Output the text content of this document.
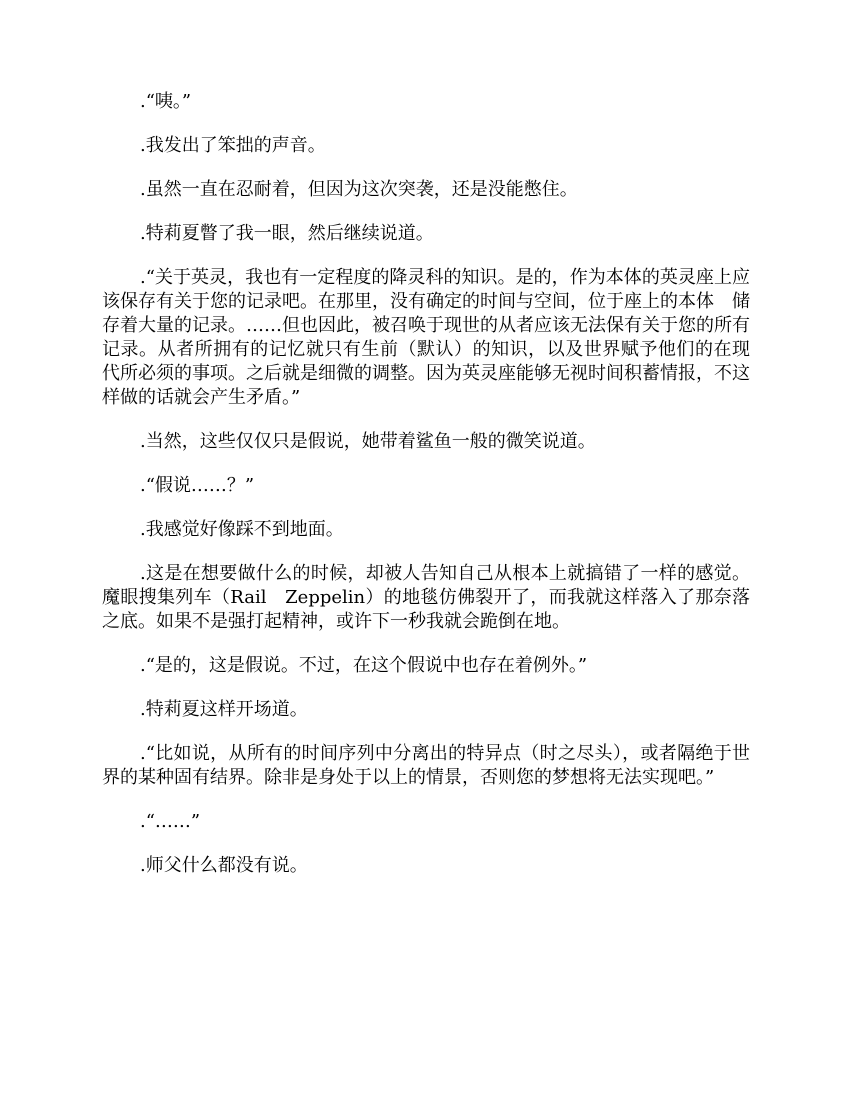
.“咦。”

.我发出了笨拙的声音。

.虽然一直在忍耐着，但因为这次突袭，还是没能憋住。

.特莉夏瞥了我一眼，然后继续说道。

.“关于英灵，我也有一定程度的降灵科的知识。是的，作为本体的英灵座上应该保存有关于您的记录吧。在那里，没有确定的时间与空间，位于座上的本体　储存着大量的记录。……但也因此，被召唤于现世的从者应该无法保有关于您的所有记录。从者所拥有的记忆就只有生前（默认）的知识，以及世界赋予他们的在现　代所必须的事项。之后就是细微的调整。因为英灵座能够无视时间积蓄情报，不这样做的话就会产生矛盾。”

.当然，这些仅仅只是假说，她带着鲨鱼一般的微笑说道。

.“假说……？”

.我感觉好像踩不到地面。

.这是在想要做什么的时候，却被人告知自己从根本上就搞错了一样的感觉。魔眼搜集列车（Rail　Zeppelin）的地毯仿佛裂开了，而我就这样落入了那奈落之底。如果不是强打起精神，或许下一秒我就会跪倒在地。

.“是的，这是假说。不过，在这个假说中也存在着例外。”

.特莉夏这样开场道。

.“比如说，从所有的时间序列中分离出的特异点（时之尽头），或者隔绝于世界的某种固有结界。除非是身处于以上的情景，否则您的梦想将无法实现吧。”

.“……”

.师父什么都没有说。
